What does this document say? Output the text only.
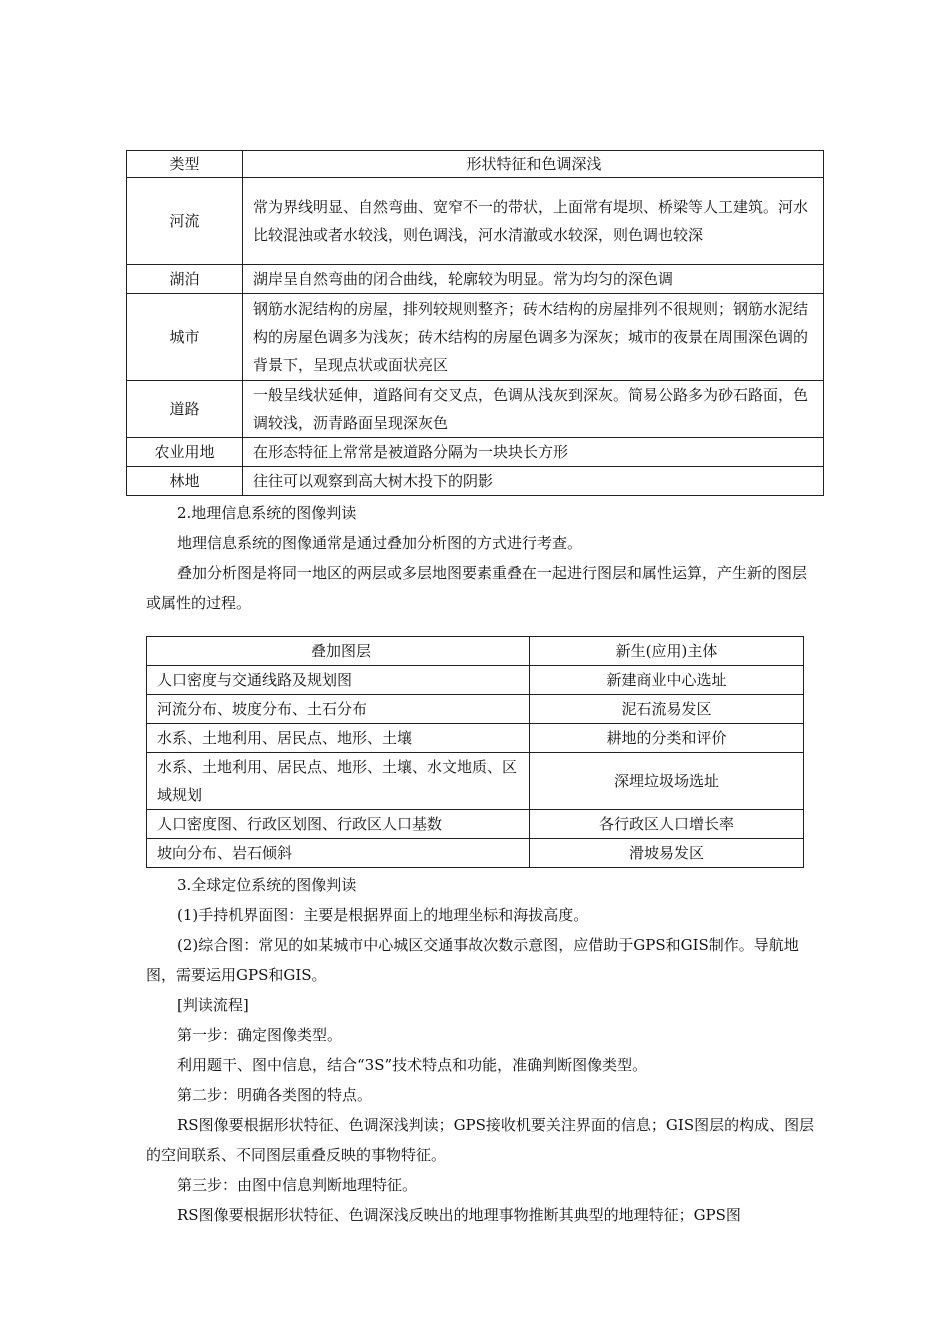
类型	形状特征和色调深浅
河流	常为界线明显、自然弯曲、宽窄不一的带状，上面常有堤坝、桥梁等人工建筑。河水比较混浊或者水较浅，则色调浅，河水清澈或水较深，则色调也较深
湖泊	湖岸呈自然弯曲的闭合曲线，轮廓较为明显。常为均匀的深色调
城市	钢筋水泥结构的房屋，排列较规则整齐；砖木结构的房屋排列不很规则；钢筋水泥结构的房屋色调多为浅灰；砖木结构的房屋色调多为深灰；城市的夜景在周围深色调的背景下，呈现点状或面状亮区
道路	一般呈线状延伸，道路间有交叉点，色调从浅灰到深灰。简易公路多为砂石路面，色调较浅，沥青路面呈现深灰色
农业用地	在形态特征上常常是被道路分隔为一块块长方形
林地	往往可以观察到高大树木投下的阴影

2.地理信息系统的图像判读

地理信息系统的图像通常是通过叠加分析图的方式进行考查。

叠加分析图是将同一地区的两层或多层地图要素重叠在一起进行图层和属性运算，产生新的图层或属性的过程。

叠加图层	新生(应用)主体
人口密度与交通线路及规划图	新建商业中心选址
河流分布、坡度分布、土石分布	泥石流易发区
水系、土地利用、居民点、地形、土壤	耕地的分类和评价
水系、土地利用、居民点、地形、土壤、水文地质、区域规划	深埋垃圾场选址
人口密度图、行政区划图、行政区人口基数	各行政区人口增长率
坡向分布、岩石倾斜	滑坡易发区

3.全球定位系统的图像判读

(1)手持机界面图：主要是根据界面上的地理坐标和海拔高度。

(2)综合图：常见的如某城市中心城区交通事故次数示意图，应借助于GPS和GIS制作。导航地图，需要运用GPS和GIS。

[判读流程]

第一步：确定图像类型。

利用题干、图中信息，结合“3S”技术特点和功能，准确判断图像类型。

第二步：明确各类图的特点。

RS图像要根据形状特征、色调深浅判读；GPS接收机要关注界面的信息；GIS图层的构成、图层的空间联系、不同图层重叠反映的事物特征。

第三步：由图中信息判断地理特征。

RS图像要根据形状特征、色调深浅反映出的地理事物推断其典型的地理特征；GPS图
